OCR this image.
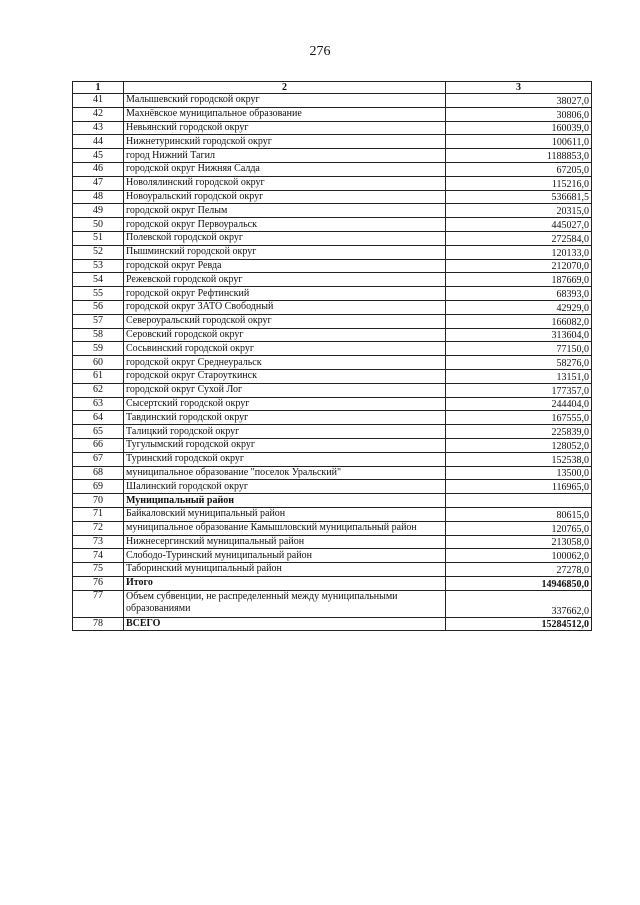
276
1	2	3
41	Малышевский городской округ	38027,0
42	Махнёвское муниципальное образование	30806,0
43	Невьянский городской округ	160039,0
44	Нижнетуринский городской округ	100611,0
45	город Нижний Тагил	1188853,0
46	городской округ Нижняя Салда	67205,0
47	Новолялинский городской округ	115216,0
48	Новоуральский городской округ	536681,5
49	городской округ Пелым	20315,0
50	городской округ Первоуральск	445027,0
51	Полевской городской округ	272584,0
52	Пышминский городской округ	120133,0
53	городской округ Ревда	212070,0
54	Режевской городской округ	187669,0
55	городской округ Рефтинский	68393,0
56	городской округ ЗАТО Свободный	42929,0
57	Североуральский городской округ	166082,0
58	Серовский городской округ	313604,0
59	Сосьвинский городской округ	77150,0
60	городской округ Среднеуральск	58276,0
61	городской округ Староуткинск	13151,0
62	городской округ Сухой Лог	177357,0
63	Сысертский городской округ	244404,0
64	Тавдинский городской округ	167555,0
65	Талицкий городской округ	225839,0
66	Тугулымский городской округ	128052,0
67	Туринский городской округ	152538,0
68	муниципальное образование "поселок Уральский"	13500,0
69	Шалинский городской округ	116965,0
70	Муниципальный район	
71	Байкаловский муниципальный район	80615,0
72	муниципальное образование Камышловский муниципальный район	120765,0
73	Нижнесергинский муниципальный район	213058,0
74	Слободо-Туринский муниципальный район	100062,0
75	Таборинский муниципальный район	27278,0
76	Итого	14946850,0
77	Объем субвенции, не распределенный между муниципальными образованиями	337662,0
78	ВСЕГО	15284512,0
